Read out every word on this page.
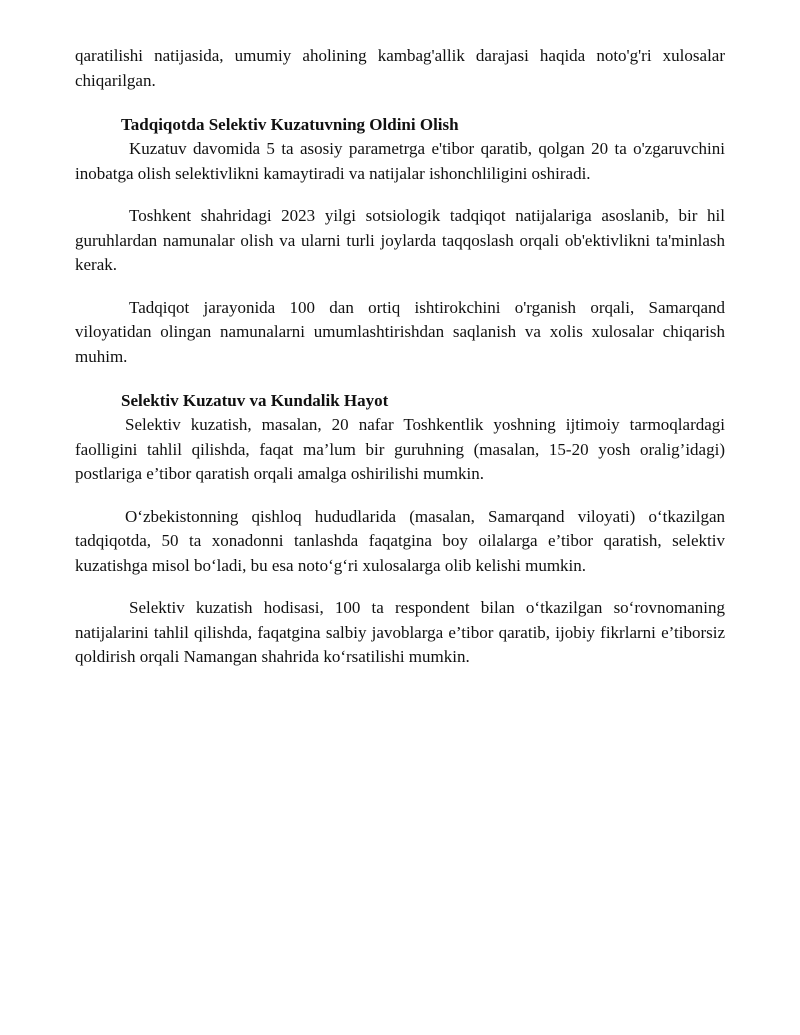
qaratilishi natijasida, umumiy aholining kambag'allik darajasi haqida noto'g'ri xulosalar chiqarilgan.

Tadqiqotda Selektiv Kuzatuvning Oldini Olish

Kuzatuv davomida 5 ta asosiy parametrga e'tibor qaratib, qolgan 20 ta o'zgaruvchini inobatga olish selektivlikni kamaytiradi va natijalar ishonchliligini oshiradi.

Toshkent shahridagi 2023 yilgi sotsiologik tadqiqot natijalariga asoslanib, bir hil guruhlardan namunalar olish va ularni turli joylarda taqqoslash orqali ob'ektivlikni ta'minlash kerak.

Tadqiqot jarayonida 100 dan ortiq ishtirokchini o'rganish orqali, Samarqand viloyatidan olingan namunalarni umumlashtirishdan saqlanish va xolis xulosalar chiqarish muhim.

Selektiv Kuzatuv va Kundalik Hayot

Selektiv kuzatish, masalan, 20 nafar Toshkentlik yoshning ijtimoiy tarmoqlardagi faolligini tahlil qilishda, faqat ma’lum bir guruhning (masalan, 15-20 yosh oralig’idagi) postlariga e’tibor qaratish orqali amalga oshirilishi mumkin.

O‘zbekistonning qishloq hududlarida (masalan, Samarqand viloyati) o‘tkazilgan tadqiqotda, 50 ta xonadonni tanlashda faqatgina boy oilalarga e’tibor qaratish, selektiv kuzatishga misol bo‘ladi, bu esa noto‘g‘ri xulosalarga olib kelishi mumkin.

Selektiv kuzatish hodisasi, 100 ta respondent bilan o‘tkazilgan so‘rovnomaning natijalarini tahlil qilishda, faqatgina salbiy javoblarga e’tibor qaratib, ijobiy fikrlarni e’tiborsiz qoldirish orqali Namangan shahrida ko‘rsatilishi mumkin.
